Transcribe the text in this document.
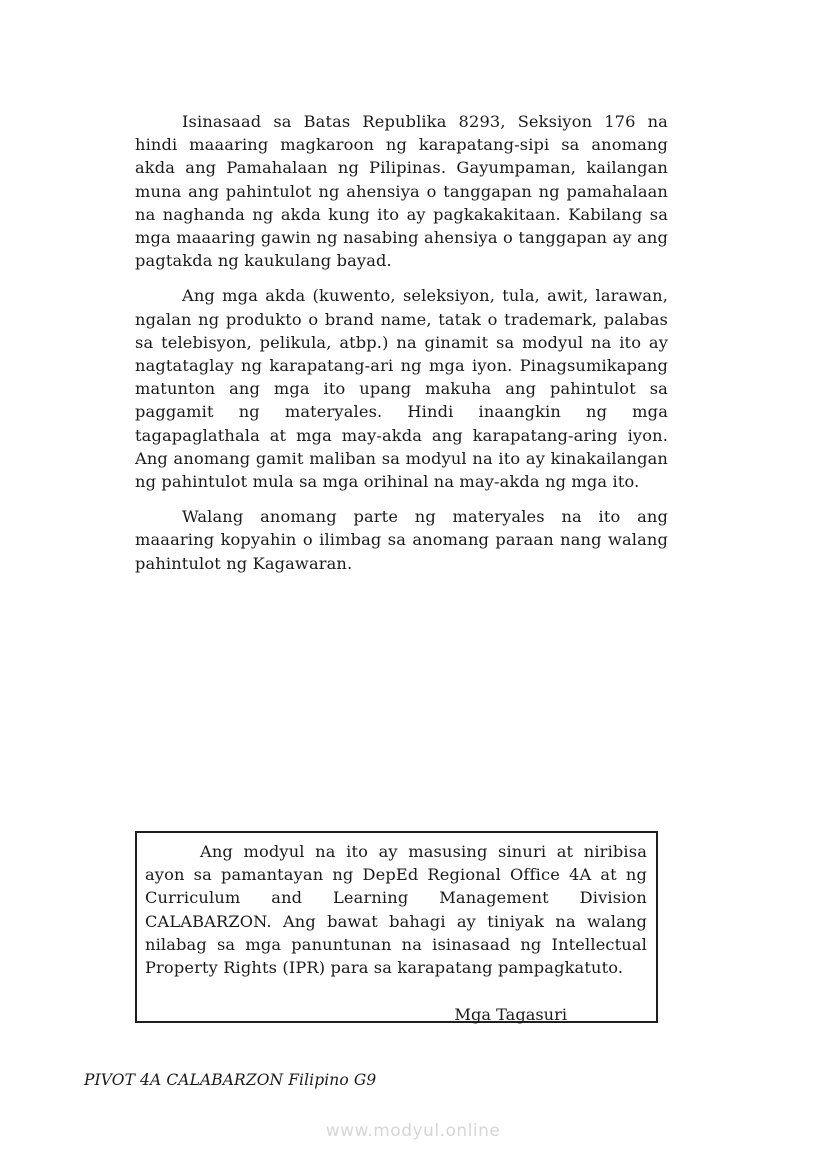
Isinasaad sa Batas Republika 8293, Seksiyon 176 na hindi maaaring magkaroon ng karapatang-sipi sa anomang akda ang Pamahalaan ng Pilipinas. Gayumpaman, kailangan muna ang pahintulot ng ahensiya o tanggapan ng pamahalaan na naghanda ng akda kung ito ay pagkakakitaan. Kabilang sa mga maaaring gawin ng nasabing ahensiya o tanggapan ay ang pagtakda ng kaukulang bayad.

Ang mga akda (kuwento, seleksiyon, tula, awit, larawan, ngalan ng produkto o brand name, tatak o trademark, palabas sa telebisyon, pelikula, atbp.) na ginamit sa modyul na ito ay nagtataglay ng karapatang-ari ng mga iyon. Pinagsumikapang matunton ang mga ito upang makuha ang pahintulot sa paggamit ng materyales. Hindi inaangkin ng mga tagapaglathala at mga may-akda ang karapatang-aring iyon. Ang anomang gamit maliban sa modyul na ito ay kinakailangan ng pahintulot mula sa mga orihinal na may-akda ng mga ito.

Walang anomang parte ng materyales na ito ang maaaring kopyahin o ilimbag sa anomang paraan nang walang pahintulot ng Kagawaran.

Ang modyul na ito ay masusing sinuri at niribisa ayon sa pamantayan ng DepEd Regional Office 4A at ng Curriculum and Learning Management Division CALABARZON. Ang bawat bahagi ay tiniyak na walang nilabag sa mga panuntunan na isinasaad ng Intellectual Property Rights (IPR) para sa karapatang pampagkatuto.

Mga Tagasuri

PIVOT 4A CALABARZON Filipino G9
www.modyul.online
